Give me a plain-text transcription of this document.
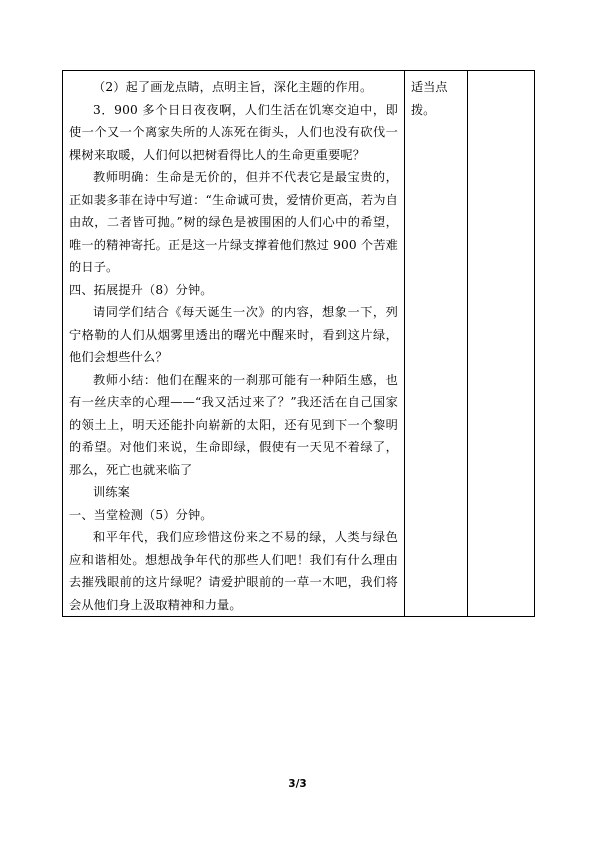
（2）起了画龙点睛，点明主旨，深化主题的作用。

3．900 多个日日夜夜啊，人们生活在饥寒交迫中，即使一个又一个离家失所的人冻死在街头，人们也没有砍伐一棵树来取暖，人们何以把树看得比人的生命更重要呢？

教师明确：生命是无价的，但并不代表它是最宝贵的，正如裴多菲在诗中写道：“生命诚可贵，爱情价更高，若为自由故，二者皆可抛。”树的绿色是被围困的人们心中的希望，唯一的精神寄托。正是这一片绿支撑着他们熬过 900 个苦难的日子。

四、拓展提升（8）分钟。

请同学们结合《每天诞生一次》的内容，想象一下，列宁格勒的人们从烟雾里透出的曙光中醒来时，看到这片绿，他们会想些什么？

教师小结：他们在醒来的一刹那可能有一种陌生感，也有一丝庆幸的心理——“我又活过来了？”我还活在自己国家的领土上，明天还能扑向崭新的太阳，还有见到下一个黎明的希望。对他们来说，生命即绿，假使有一天见不着绿了，那么，死亡也就来临了

训练案

一、当堂检测（5）分钟。

和平年代，我们应珍惜这份来之不易的绿，人类与绿色应和谐相处。想想战争年代的那些人们吧！我们有什么理由去摧残眼前的这片绿呢？请爱护眼前的一草一木吧，我们将会从他们身上汲取精神和力量。

适当点拨。

3/3
